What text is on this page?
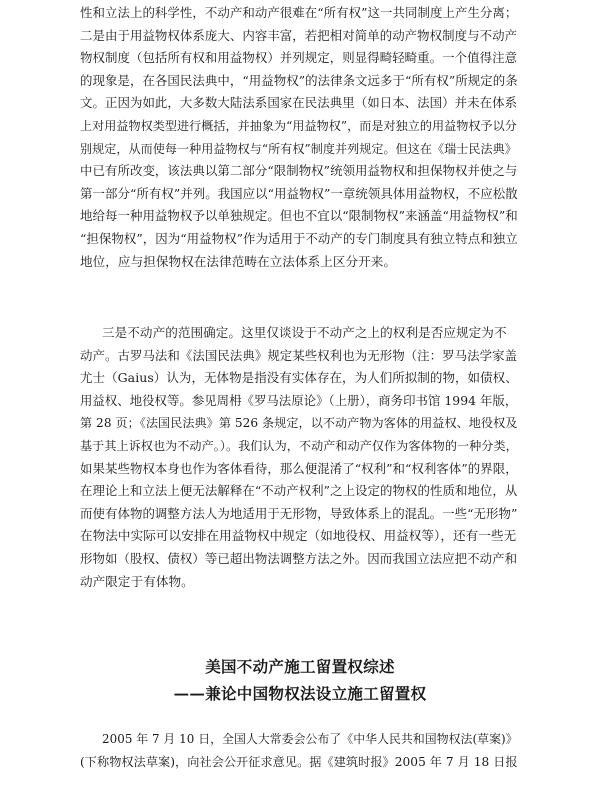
性和立法上的科学性，不动产和动产很难在“所有权”这一共同制度上产生分离；
二是由于用益物权体系庞大、内容丰富，若把相对简单的动产物权制度与不动产
物权制度（包括所有权和用益物权）并列规定，则显得畸轻畸重。一个值得注意
的现象是，在各国民法典中，“用益物权”的法律条文远多于“所有权”所规定的条
文。正因为如此，大多数大陆法系国家在民法典里（如日本、法国）并未在体系
上对用益物权类型进行概括，并抽象为“用益物权”，而是对独立的用益物权予以分
别规定，从而使每一种用益物权与“所有权”制度并列规定。但这在《瑞士民法典》
中已有所改变，该法典以第二部分“限制物权”统领用益物权和担保物权并使之与
第一部分“所有权”并列。我国应以“用益物权”一章统领具体用益物权，不应松散
地给每一种用益物权予以单独规定。但也不宜以“限制物权”来涵盖“用益物权”和
“担保物权”，因为“用益物权”作为适用于不动产的专门制度具有独立特点和独立
地位，应与担保物权在法律范畴在立法体系上区分开来。
三是不动产的范围确定。这里仅谈设于不动产之上的权利是否应规定为不
动产。古罗马法和《法国民法典》规定某些权利也为无形物（注：罗马法学家盖
尤士（Gaius）认为，无体物是指没有实体存在，为人们所拟制的物，如债权、
用益权、地役权等。参见周枏《罗马法原论》（上册），商务印书馆 1994 年版，
第 28 页；《法国民法典》第 526 条规定，以不动产物为客体的用益权、地役权及
基于其上诉权也为不动产。）。我们认为，不动产和动产仅作为客体物的一种分类，
如果某些物权本身也作为客体看待，那么便混淆了“权利”和“权利客体”的界限，
在理论上和立法上便无法解释在“不动产权利”之上设定的物权的性质和地位，从
而使有体物的调整方法人为地适用于无形物，导致体系上的混乱。一些“无形物”
在物法中实际可以安排在用益物权中规定（如地役权、用益权等），还有一些无
形物如（股权、债权）等已超出物法调整方法之外。因而我国立法应把不动产和
动产限定于有体物。
美国不动产施工留置权综述
——兼论中国物权法设立施工留置权
2005 年 7 月 10 日，全国人大常委会公布了《中华人民共和国物权法(草案)》
(下称物权法草案)，向社会公开征求意见。据《建筑时报》2005 年 7 月 18 日报
